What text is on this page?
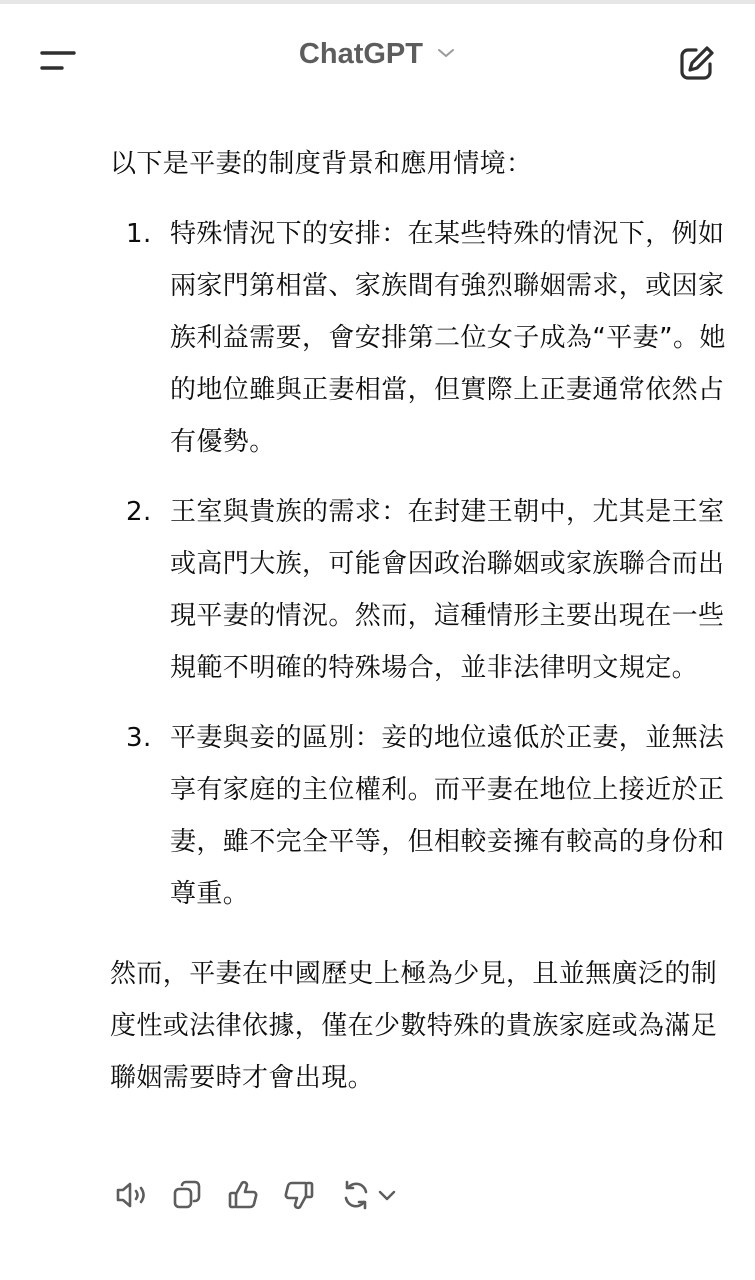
ChatGPT

以下是平妻的制度背景和應用情境：

1. 特殊情況下的安排：在某些特殊的情況下，例如兩家門第相當、家族間有強烈聯姻需求，或因家族利益需要，會安排第二位女子成為“平妻”。她的地位雖與正妻相當，但實際上正妻通常依然占有優勢。
2. 王室與貴族的需求：在封建王朝中，尤其是王室或高門大族，可能會因政治聯姻或家族聯合而出現平妻的情況。然而，這種情形主要出現在一些規範不明確的特殊場合，並非法律明文規定。
3. 平妻與妾的區別：妾的地位遠低於正妻，並無法享有家庭的主位權利。而平妻在地位上接近於正妻，雖不完全平等，但相較妾擁有較高的身份和尊重。

然而，平妻在中國歷史上極為少見，且並無廣泛的制度性或法律依據，僅在少數特殊的貴族家庭或為滿足聯姻需要時才會出現。
